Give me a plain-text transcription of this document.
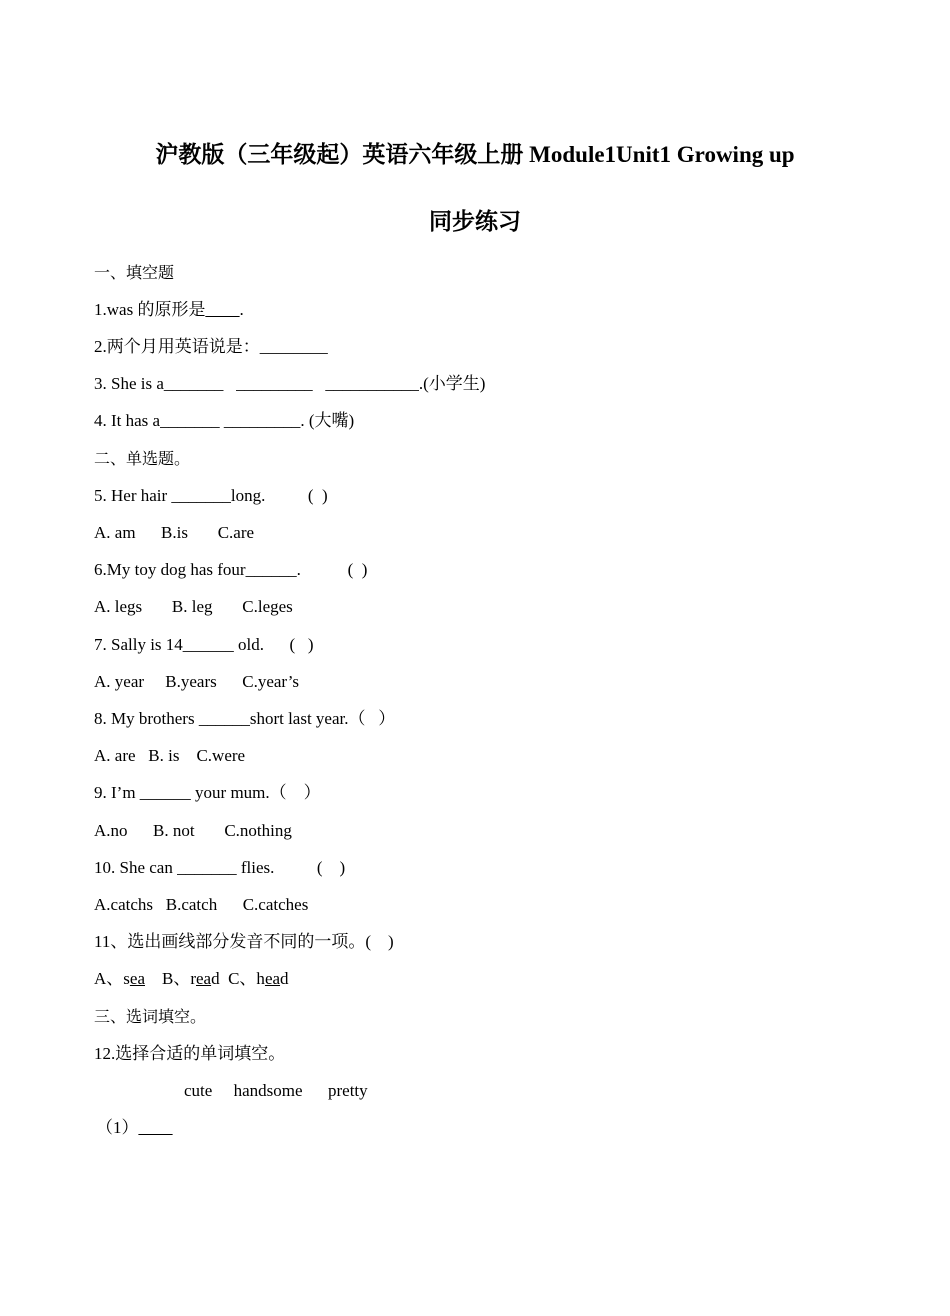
沪教版（三年级起）英语六年级上册 Module1Unit1 Growing up
同步练习
一、填空题
1.was 的原形是____.
2.两个月用英语说是：________
3. She is a_______   _________   ___________.(小学生)
4. It has a_______ _________. (大嘴)
二、单选题。
5. Her hair _______long.          (  )
A. am      B.is       C.are
6.My toy dog has four______.           (  )
A. legs       B. leg       C.leges
7. Sally is 14______ old.      (   )
A. year     B.years      C.year’s
8. My brothers ______short last year.（   ）
A. are   B. is    C.were
9. I’m ______ your mum.（    ）
A.no      B. not       C.nothing
10. She can _______ flies.          (    )
A.catchs   B.catch      C.catches
11、选出画线部分发音不同的一项。(    )
A、sea    B、read  C、head
三、选词填空。
12.选择合适的单词填空。
cute     handsome      pretty
（1）____
